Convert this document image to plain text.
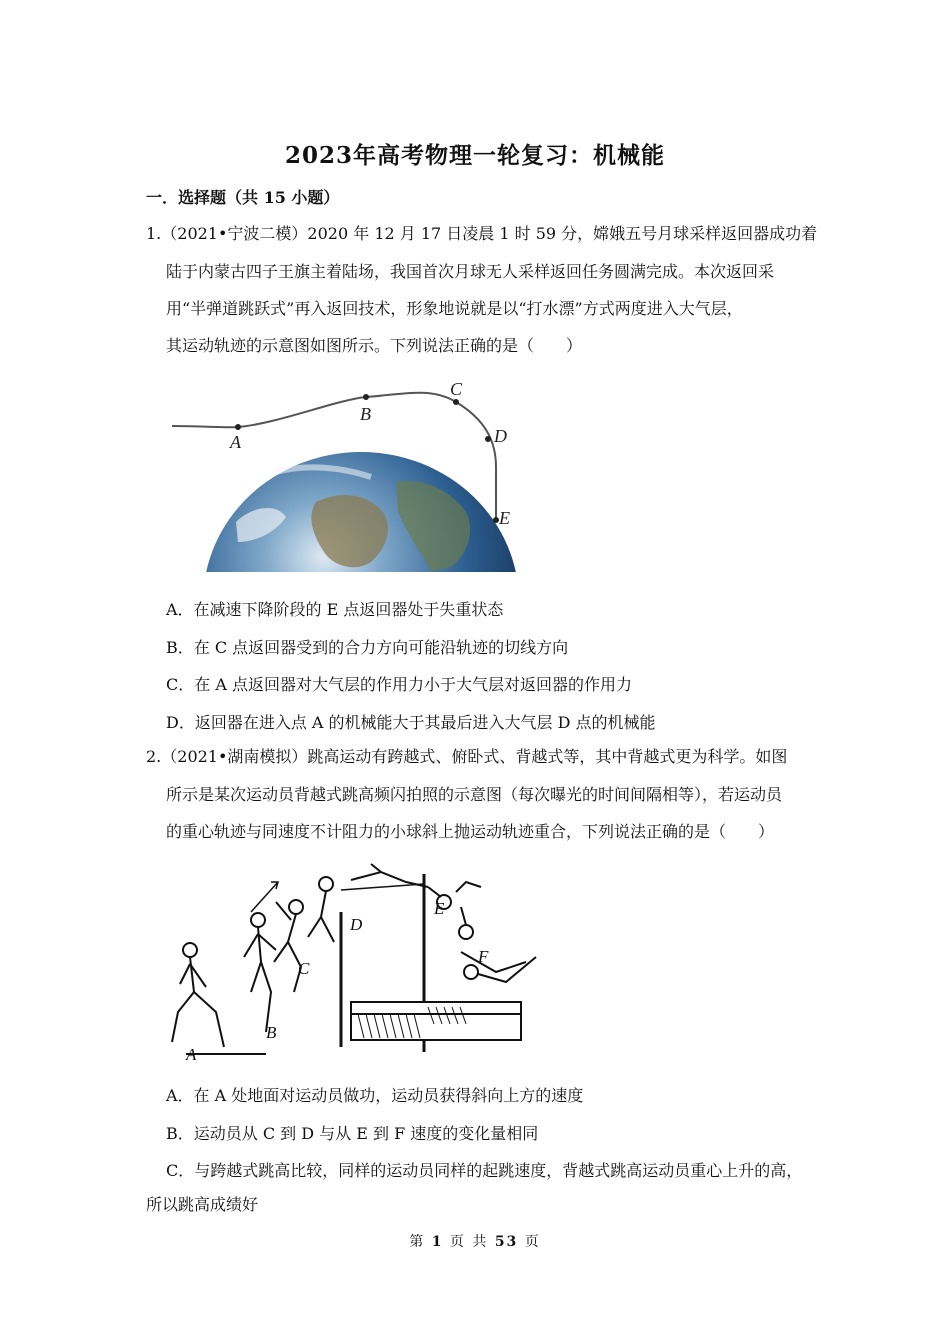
2023年高考物理一轮复习：机械能
一．选择题（共 15 小题）
1.（2021•宁波二模）2020 年 12 月 17 日凌晨 1 时 59 分，嫦娥五号月球采样返回器成功着
陆于内蒙古四子王旗主着陆场，我国首次月球无人采样返回任务圆满完成。本次返回采
用“半弹道跳跃式”再入返回技术，形象地说就是以“打水漂”方式两度进入大气层，
其运动轨迹的示意图如图所示。下列说法正确的是（　　）
A
B
C
D
E
A．在减速下降阶段的 E 点返回器处于失重状态
B．在 C 点返回器受到的合力方向可能沿轨迹的切线方向
C．在 A 点返回器对大气层的作用力小于大气层对返回器的作用力
D．返回器在进入点 A 的机械能大于其最后进入大气层 D 点的机械能
2.（2021•湖南模拟）跳高运动有跨越式、俯卧式、背越式等，其中背越式更为科学。如图
所示是某次运动员背越式跳高频闪拍照的示意图（每次曝光的时间间隔相等），若运动员
的重心轨迹与同速度不计阻力的小球斜上抛运动轨迹重合，下列说法正确的是（　　）
A
B
C
D
E
F
A．在 A 处地面对运动员做功，运动员获得斜向上方的速度
B．运动员从 C 到 D 与从 E 到 F 速度的变化量相同
C．与跨越式跳高比较，同样的运动员同样的起跳速度，背越式跳高运动员重心上升的高，
所以跳高成绩好
第 1 页 共 53 页
